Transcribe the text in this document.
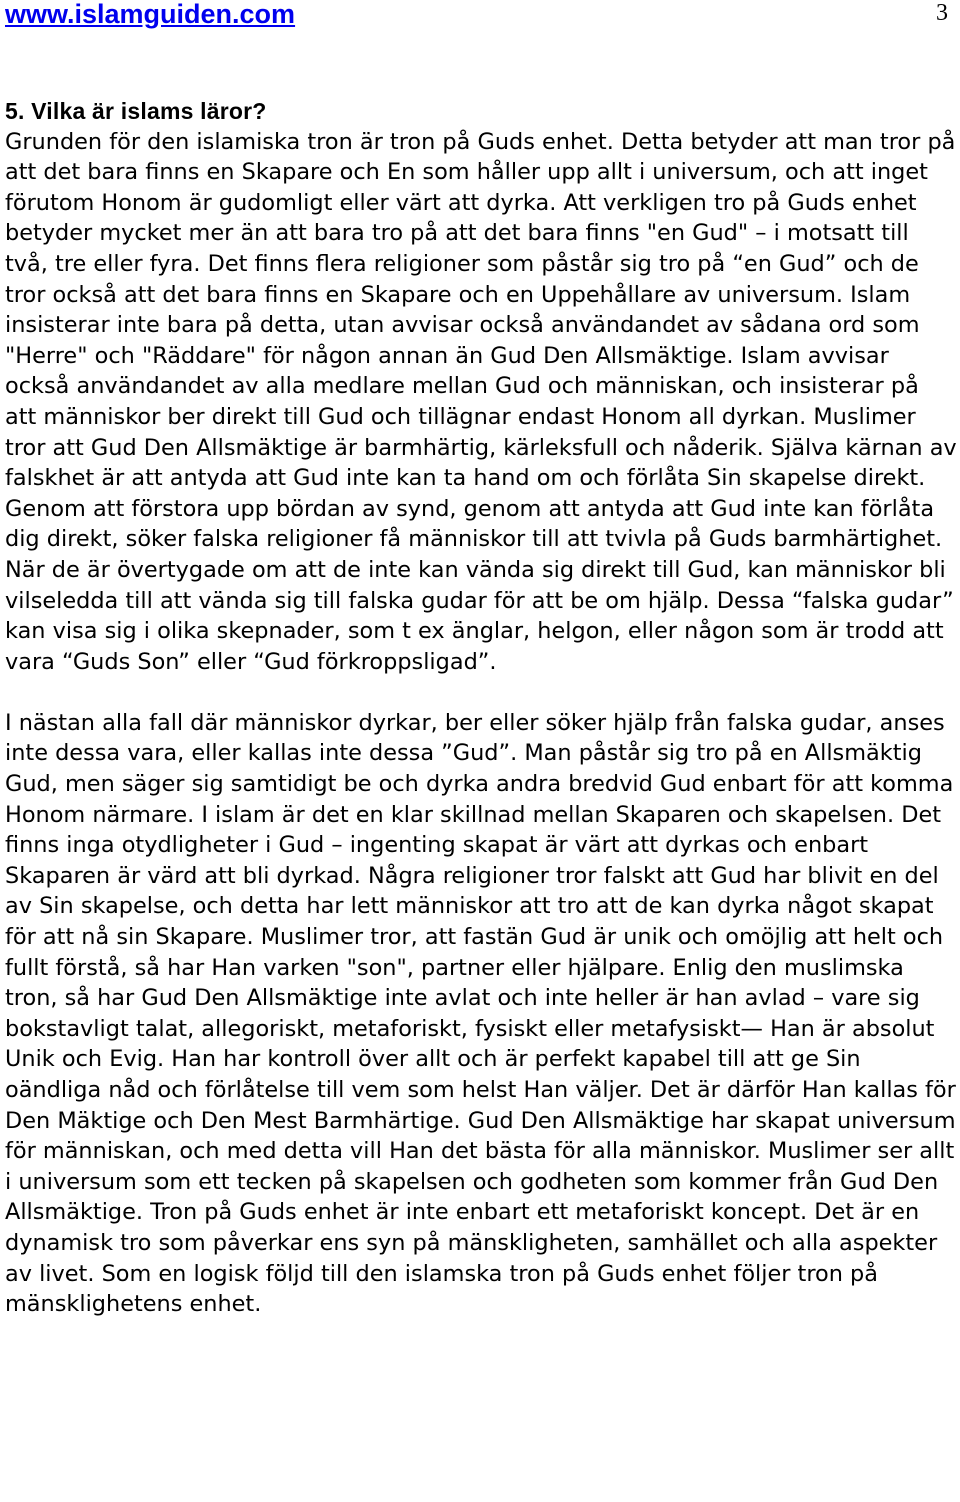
www.islamguiden.com	3
5. Vilka är islams läror?

Grunden för den islamiska tron är tron på Guds enhet. Detta betyder att man tror på att det bara finns en Skapare och En som håller upp allt i universum, och att inget förutom Honom är gudomligt eller värt att dyrka. Att verkligen tro på Guds enhet betyder mycket mer än att bara tro på att det bara finns "en Gud" – i motsatt till två, tre eller fyra. Det finns flera religioner som påstår sig tro på “en Gud” och de tror också att det bara finns en Skapare och en Uppehållare av universum. Islam insisterar inte bara på detta, utan avvisar också användandet av sådana ord som "Herre" och "Räddare" för någon annan än Gud Den Allsmäktige. Islam avvisar också användandet av alla medlare mellan Gud och människan, och insisterar på att människor ber direkt till Gud och tillägnar endast Honom all dyrkan. Muslimer tror att Gud Den Allsmäktige är barmhärtig, kärleksfull och nåderik. Själva kärnan av falskhet är att antyda att Gud inte kan ta hand om och förlåta Sin skapelse direkt. Genom att förstora upp bördan av synd, genom att antyda att Gud inte kan förlåta dig direkt, söker falska religioner få människor till att tvivla på Guds barmhärtighet. När de är övertygade om att de inte kan vända sig direkt till Gud, kan människor bli vilseledda till att vända sig till falska gudar för att be om hjälp. Dessa “falska gudar” kan visa sig i olika skepnader, som t ex änglar, helgon, eller någon som är trodd att vara “Guds Son” eller “Gud förkroppsligad”.

I nästan alla fall där människor dyrkar, ber eller söker hjälp från falska gudar, anses inte dessa vara, eller kallas inte dessa ”Gud”. Man påstår sig tro på en Allsmäktig Gud, men säger sig samtidigt be och dyrka andra bredvid Gud enbart för att komma Honom närmare. I islam är det en klar skillnad mellan Skaparen och skapelsen. Det finns inga otydligheter i Gud – ingenting skapat är värt att dyrkas och enbart Skaparen är värd att bli dyrkad. Några religioner tror falskt att Gud har blivit en del av Sin skapelse, och detta har lett människor att tro att de kan dyrka något skapat för att nå sin Skapare. Muslimer tror, att fastän Gud är unik och omöjlig att helt och fullt förstå, så har Han varken "son", partner eller hjälpare. Enlig den muslimska tron, så har Gud Den Allsmäktige inte avlat och inte heller är han avlad – vare sig bokstavligt talat, allegoriskt, metaforiskt, fysiskt eller metafysiskt— Han är absolut Unik och Evig. Han har kontroll över allt och är perfekt kapabel till att ge Sin oändliga nåd och förlåtelse till vem som helst Han väljer. Det är därför Han kallas för Den Mäktige och Den Mest Barmhärtige. Gud Den Allsmäktige har skapat universum för människan, och med detta vill Han det bästa för alla människor. Muslimer ser allt i universum som ett tecken på skapelsen och godheten som kommer från Gud Den Allsmäktige. Tron på Guds enhet är inte enbart ett metaforiskt koncept. Det är en dynamisk tro som påverkar ens syn på mänskligheten, samhället och alla aspekter av livet. Som en logisk följd till den islamska tron på Guds enhet följer tron på mänsklighetens enhet.
